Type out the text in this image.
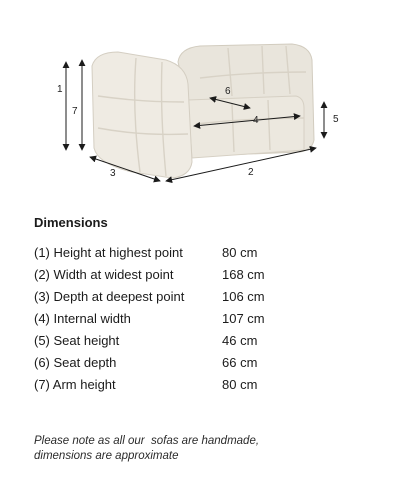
1
7
6
4	5
3	2
Dimensions
(1) Height at highest point	80 cm
(2) Width at widest point	168 cm
(3) Depth at deepest point	106 cm
(4) Internal width	107 cm
(5) Seat height	46 cm
(6) Seat depth	66 cm
(7) Arm height	80 cm
Please note as all our  sofas are handmade,
dimensions are approximate
